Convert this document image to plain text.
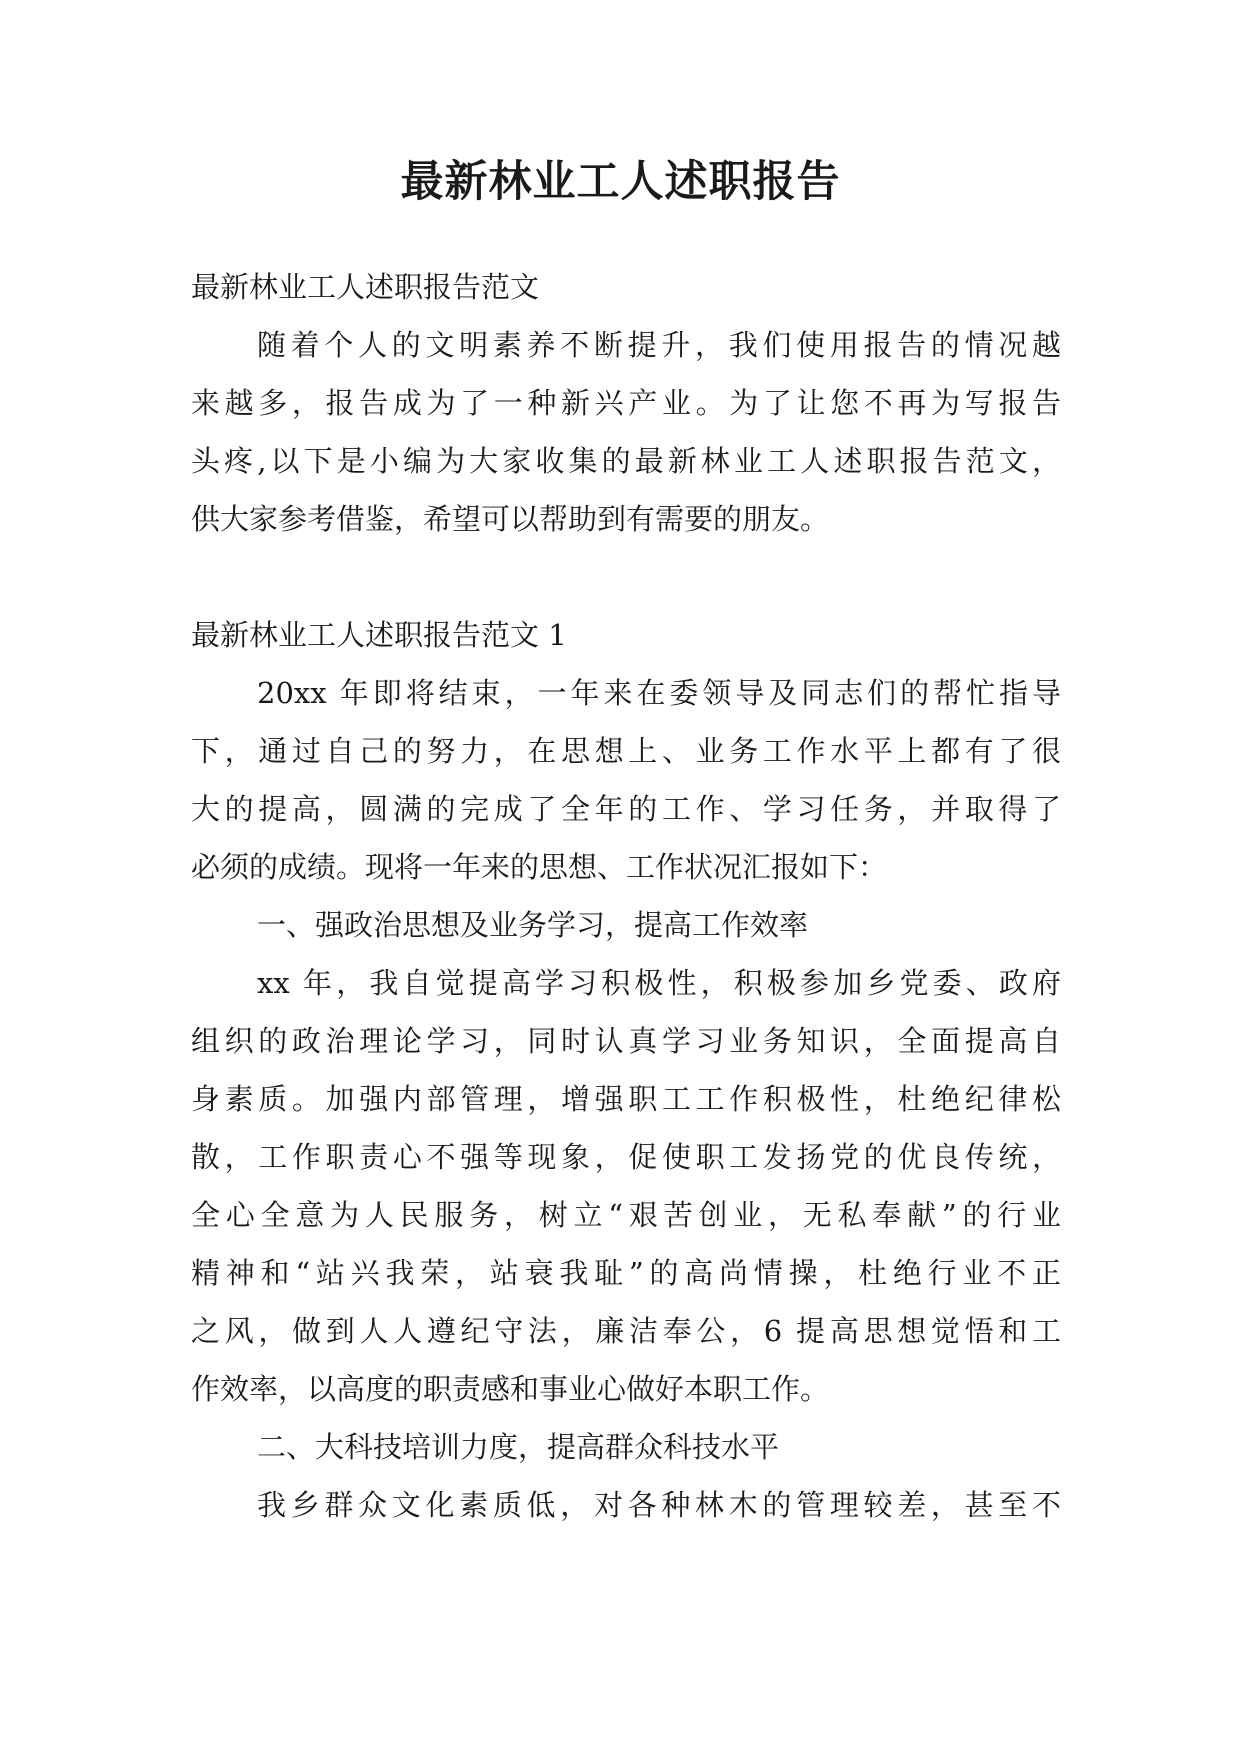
最新林业工人述职报告
最新林业工人述职报告范文
随着个人的文明素养不断提升，我们使用报告的情况越
来越多，报告成为了一种新兴产业。为了让您不再为写报告
头疼,以下是小编为大家收集的最新林业工人述职报告范文，
供大家参考借鉴，希望可以帮助到有需要的朋友。
最新林业工人述职报告范文 1
20xx 年即将结束，一年来在委领导及同志们的帮忙指导
下，通过自己的努力，在思想上、业务工作水平上都有了很
大的提高，圆满的完成了全年的工作、学习任务，并取得了
必须的成绩。现将一年来的思想、工作状况汇报如下：
一、强政治思想及业务学习，提高工作效率
xx 年，我自觉提高学习积极性，积极参加乡党委、政府
组织的政治理论学习，同时认真学习业务知识，全面提高自
身素质。加强内部管理，增强职工工作积极性，杜绝纪律松
散，工作职责心不强等现象，促使职工发扬党的优良传统，
全心全意为人民服务，树立“艰苦创业，无私奉献”的行业
精神和“站兴我荣，站衰我耻”的高尚情操，杜绝行业不正
之风，做到人人遵纪守法，廉洁奉公，6 提高思想觉悟和工
作效率，以高度的职责感和事业心做好本职工作。
二、大科技培训力度，提高群众科技水平
我乡群众文化素质低，对各种林木的管理较差，甚至不
